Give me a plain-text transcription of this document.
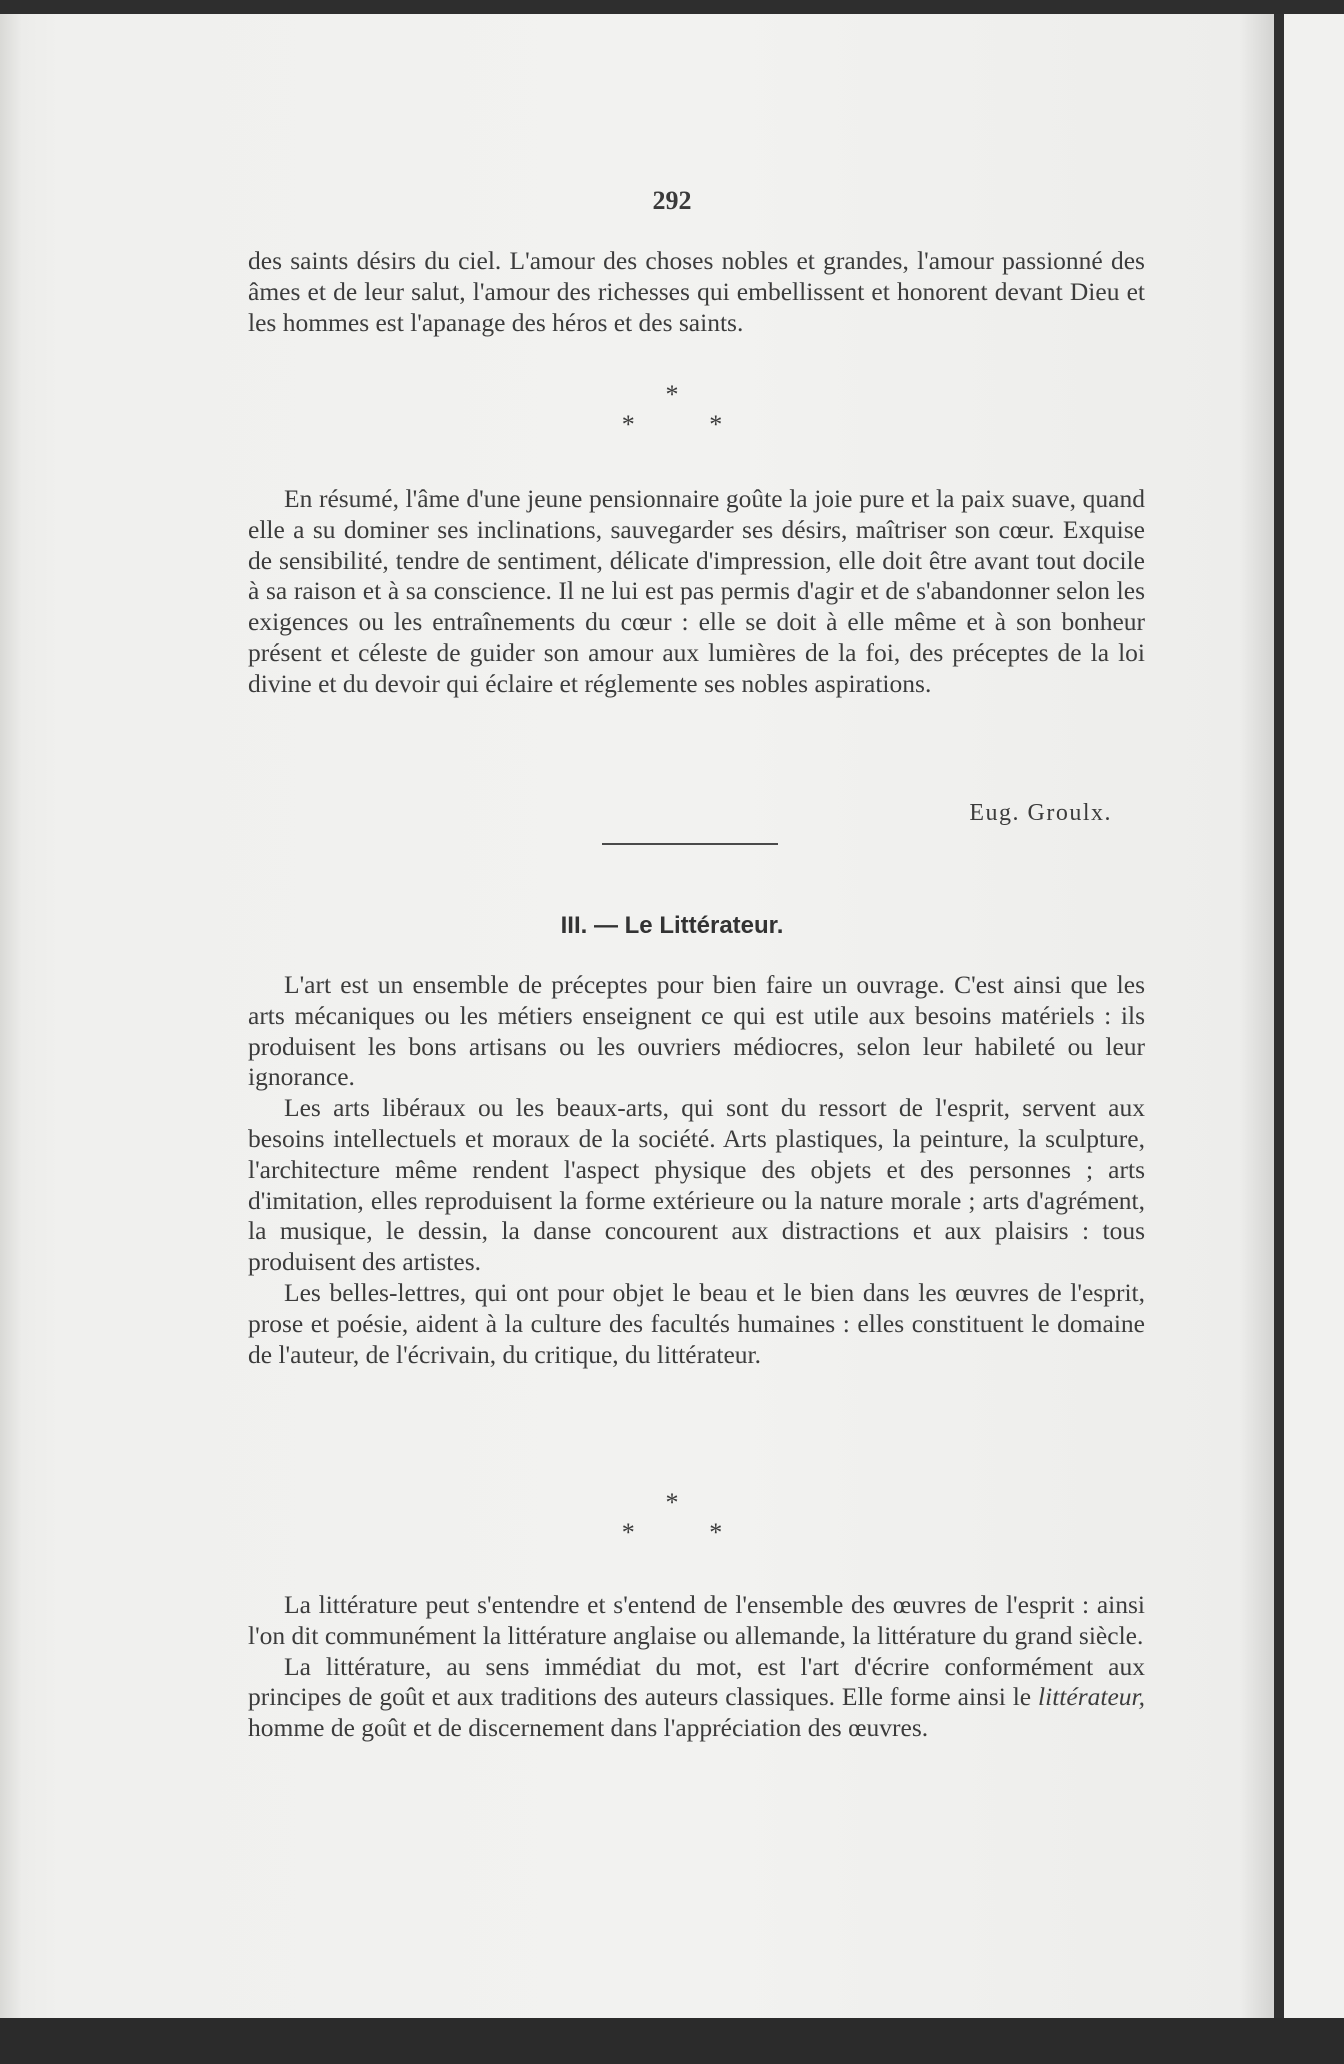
292

des saints désirs du ciel. L'amour des choses nobles et grandes, l'amour passionné des âmes et de leur salut, l'amour des richesses qui embellissent et honorent devant Dieu et les hommes est l'apanage des héros et des saints.

*
* *

En résumé, l'âme d'une jeune pensionnaire goûte la joie pure et la paix suave, quand elle a su dominer ses inclinations, sauvegarder ses désirs, maîtriser son cœur. Exquise de sensibilité, tendre de sentiment, délicate d'impression, elle doit être avant tout docile à sa raison et à sa conscience. Il ne lui est pas permis d'agir et de s'abandonner selon les exigences ou les entraînements du cœur : elle se doit à elle même et à son bonheur présent et céleste de guider son amour aux lumières de la foi, des préceptes de la loi divine et du devoir qui éclaire et réglemente ses nobles aspirations.

Eug. Groulx.
III. — Le Littérateur.

L'art est un ensemble de préceptes pour bien faire un ouvrage. C'est ainsi que les arts mécaniques ou les métiers enseignent ce qui est utile aux besoins matériels : ils produisent les bons artisans ou les ouvriers médiocres, selon leur habileté ou leur ignorance.

Les arts libéraux ou les beaux-arts, qui sont du ressort de l'esprit, servent aux besoins intellectuels et moraux de la société. Arts plastiques, la peinture, la sculpture, l'architecture même rendent l'aspect physique des objets et des personnes ; arts d'imitation, elles reproduisent la forme extérieure ou la nature morale ; arts d'agrément, la musique, le dessin, la danse concourent aux distractions et aux plaisirs : tous produisent des artistes.

Les belles-lettres, qui ont pour objet le beau et le bien dans les œuvres de l'esprit, prose et poésie, aident à la culture des facultés humaines : elles constituent le domaine de l'auteur, de l'écrivain, du critique, du littérateur.

*
* *

La littérature peut s'entendre et s'entend de l'ensemble des œuvres de l'esprit : ainsi l'on dit communément la littérature anglaise ou allemande, la littérature du grand siècle.

La littérature, au sens immédiat du mot, est l'art d'écrire conformément aux principes de goût et aux traditions des auteurs classiques. Elle forme ainsi le littérateur, homme de goût et de discernement dans l'appréciation des œuvres.
